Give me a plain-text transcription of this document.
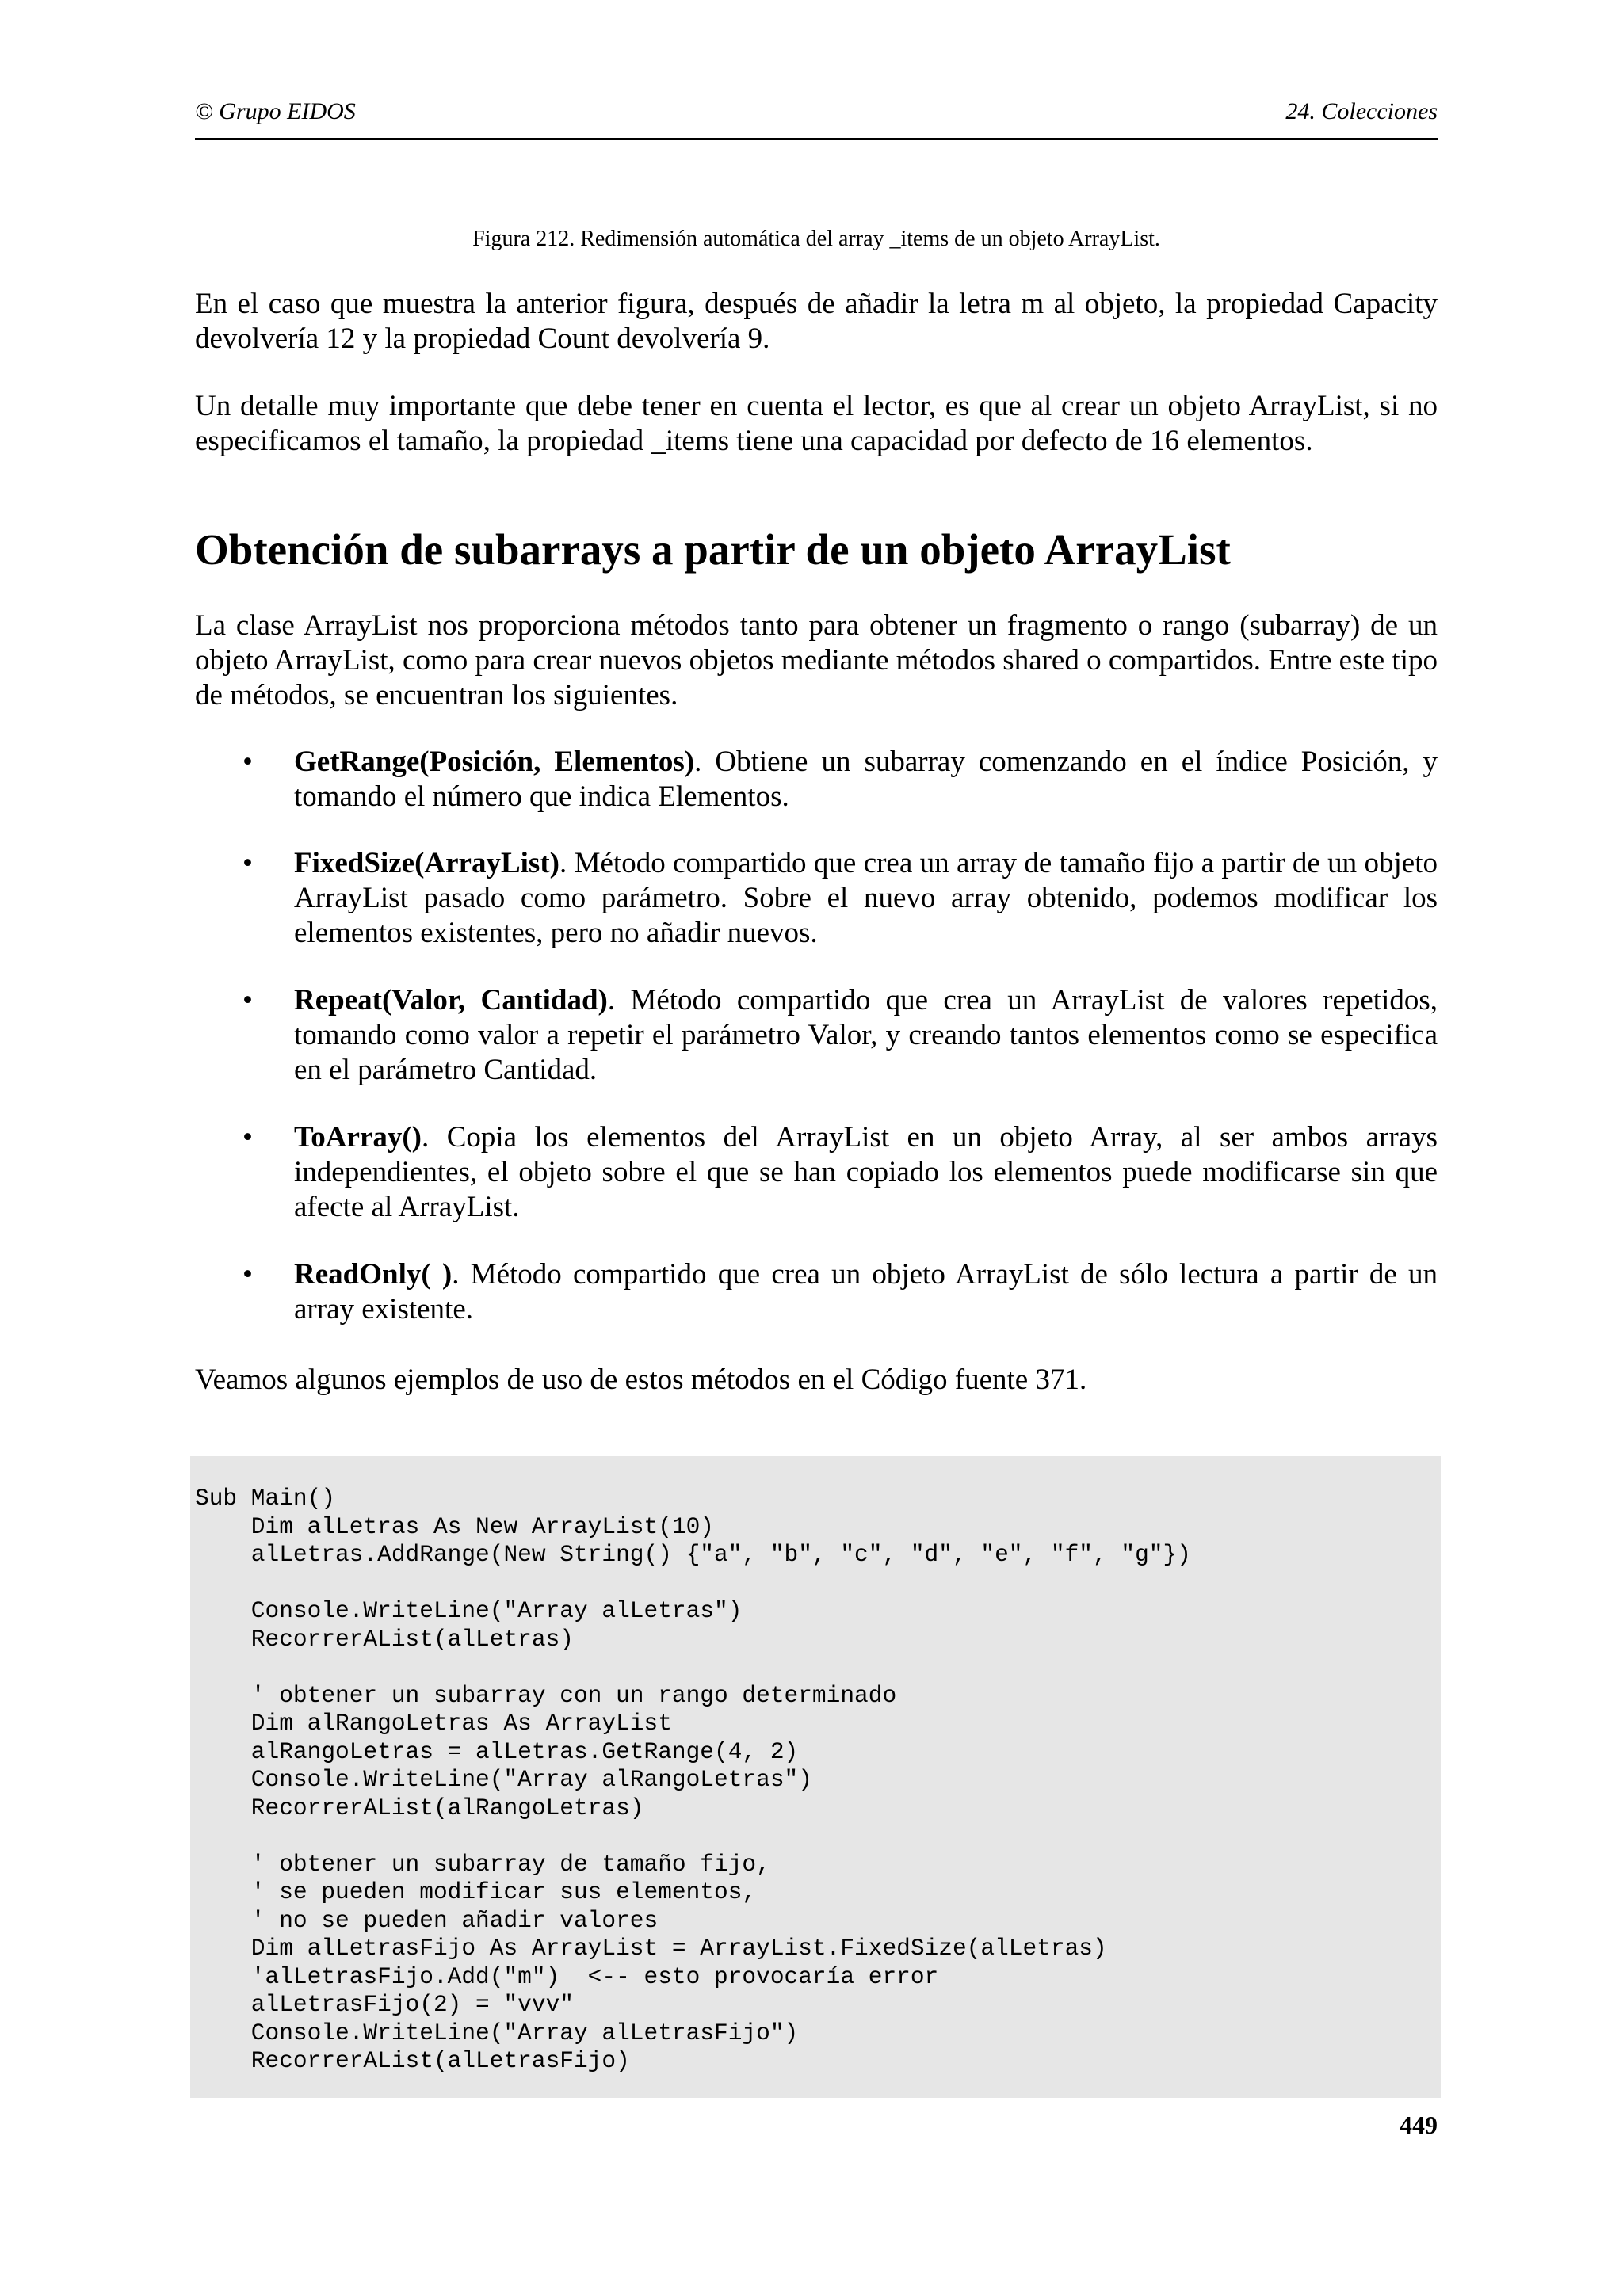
© Grupo EIDOS	24. Colecciones
Figura 212. Redimensión automática del array _items de un objeto ArrayList.
En el caso que muestra la anterior figura, después de añadir la letra m al objeto, la propiedad Capacity devolvería 12 y la propiedad Count devolvería 9.
Un detalle muy importante que debe tener en cuenta el lector, es que al crear un objeto ArrayList, si no especificamos el tamaño, la propiedad _items tiene una capacidad por defecto de 16 elementos.
Obtención de subarrays a partir de un objeto ArrayList
La clase ArrayList nos proporciona métodos tanto para obtener un fragmento o rango (subarray) de un objeto ArrayList, como para crear nuevos objetos mediante métodos shared o compartidos. Entre este tipo de métodos, se encuentran los siguientes.
• GetRange(Posición, Elementos). Obtiene un subarray comenzando en el índice Posición, y tomando el número que indica Elementos.
• FixedSize(ArrayList). Método compartido que crea un array de tamaño fijo a partir de un objeto ArrayList pasado como parámetro. Sobre el nuevo array obtenido, podemos modificar los elementos existentes, pero no añadir nuevos.
• Repeat(Valor, Cantidad). Método compartido que crea un ArrayList de valores repetidos, tomando como valor a repetir el parámetro Valor, y creando tantos elementos como se especifica en el parámetro Cantidad.
• ToArray(). Copia los elementos del ArrayList en un objeto Array, al ser ambos arrays independientes, el objeto sobre el que se han copiado los elementos puede modificarse sin que afecte al ArrayList.
• ReadOnly( ). Método compartido que crea un objeto ArrayList de sólo lectura a partir de un array existente.
Veamos algunos ejemplos de uso de estos métodos en el Código fuente 371.
Sub Main()
Dim alLetras As New ArrayList(10)
alLetras.AddRange(New String() {"a", "b", "c", "d", "e", "f", "g"})

Console.WriteLine("Array alLetras")
RecorrerAList(alLetras)

' obtener un subarray con un rango determinado
Dim alRangoLetras As ArrayList
alRangoLetras = alLetras.GetRange(4, 2)
Console.WriteLine("Array alRangoLetras")
RecorrerAList(alRangoLetras)

' obtener un subarray de tamaño fijo,
' se pueden modificar sus elementos,
' no se pueden añadir valores
Dim alLetrasFijo As ArrayList = ArrayList.FixedSize(alLetras)
'alLetrasFijo.Add("m")  <-- esto provocaría error
alLetrasFijo(2) = "vvv"
Console.WriteLine("Array alLetrasFijo")
RecorrerAList(alLetrasFijo)
449
